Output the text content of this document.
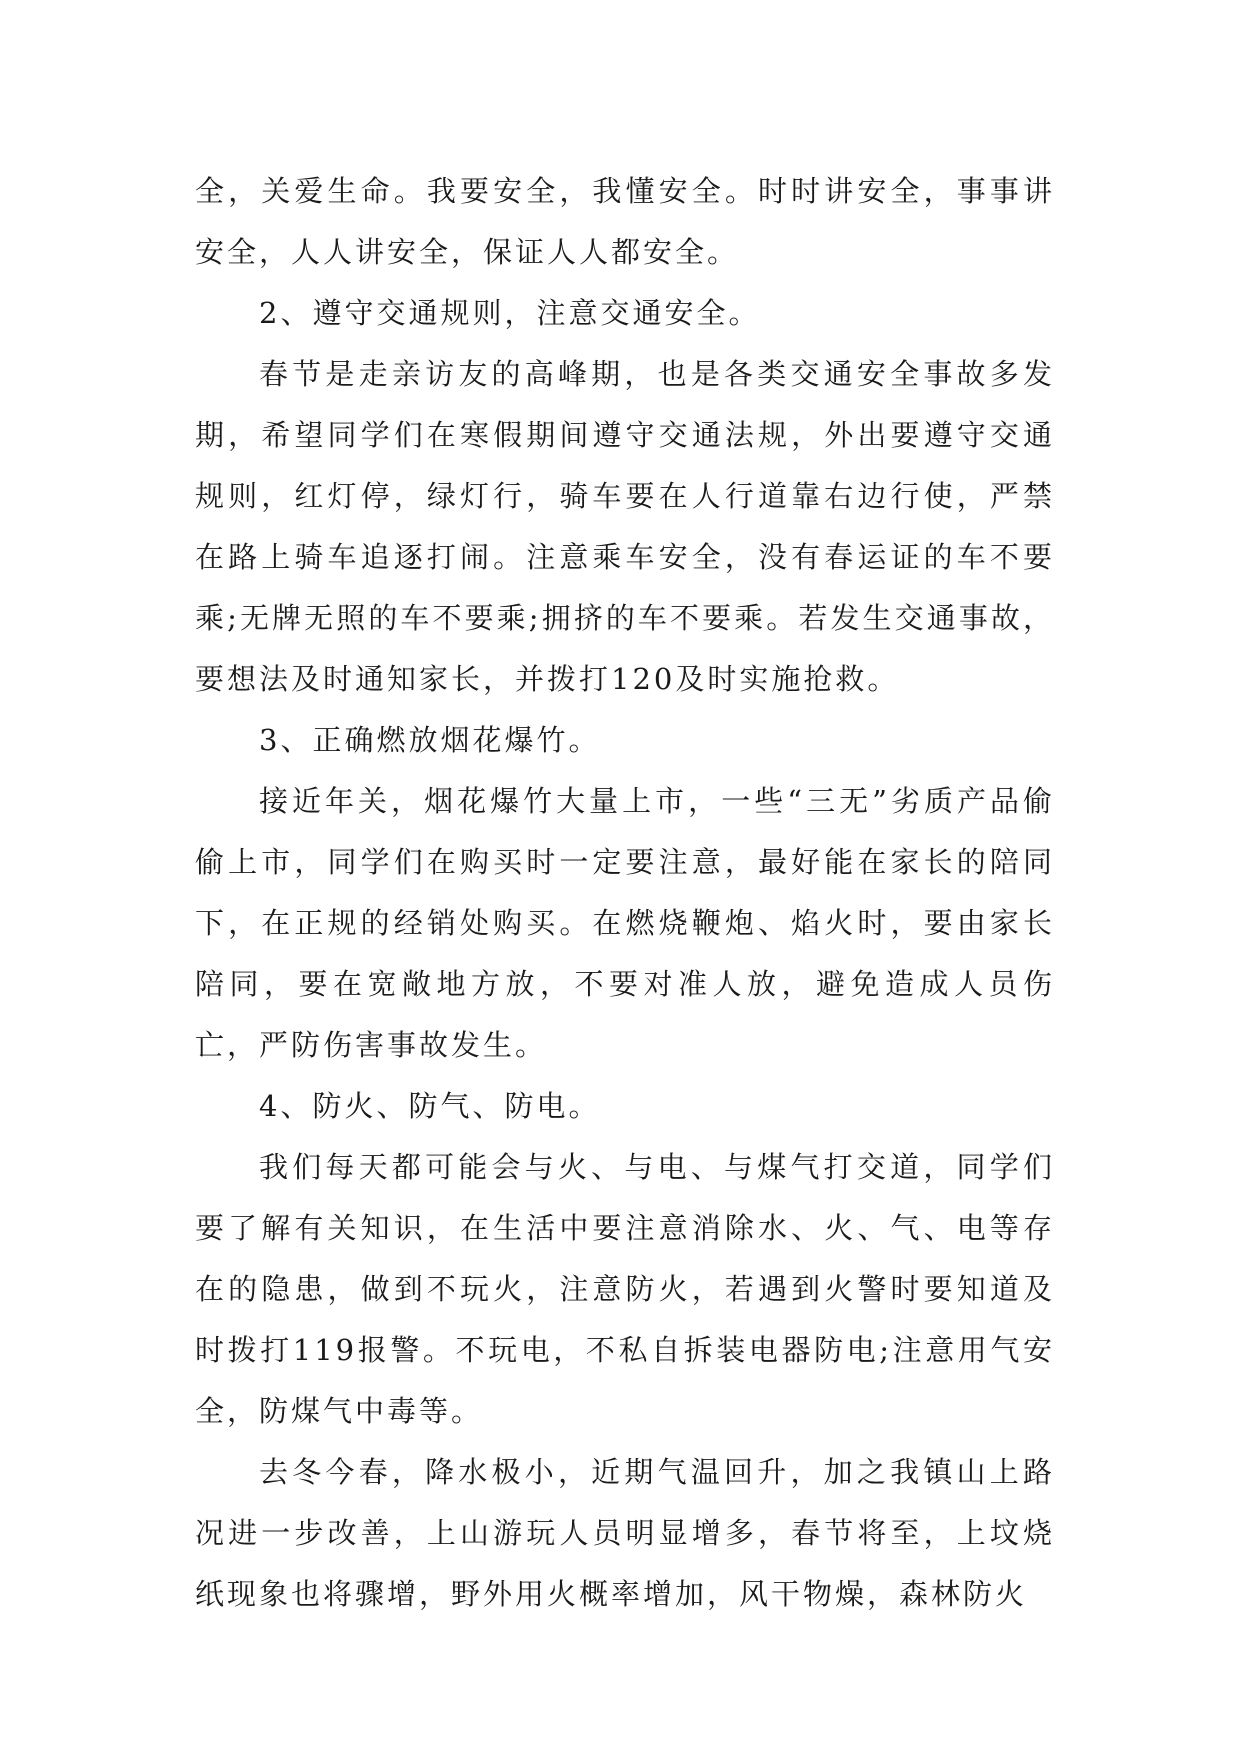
全，关爱生命。我要安全，我懂安全。时时讲安全，事事讲安全，人人讲安全，保证人人都安全。

2、遵守交通规则，注意交通安全。

春节是走亲访友的高峰期，也是各类交通安全事故多发期，希望同学们在寒假期间遵守交通法规，外出要遵守交通规则，红灯停，绿灯行，骑车要在人行道靠右边行使，严禁在路上骑车追逐打闹。注意乘车安全，没有春运证的车不要乘;无牌无照的车不要乘;拥挤的车不要乘。若发生交通事故，要想法及时通知家长，并拨打120及时实施抢救。

3、正确燃放烟花爆竹。

接近年关，烟花爆竹大量上市，一些“三无”劣质产品偷偷上市，同学们在购买时一定要注意，最好能在家长的陪同下，在正规的经销处购买。在燃烧鞭炮、焰火时，要由家长陪同，要在宽敞地方放，不要对准人放，避免造成人员伤亡，严防伤害事故发生。

4、防火、防气、防电。

我们每天都可能会与火、与电、与煤气打交道，同学们要了解有关知识，在生活中要注意消除水、火、气、电等存在的隐患，做到不玩火，注意防火，若遇到火警时要知道及时拨打119报警。不玩电，不私自拆装电器防电;注意用气安全，防煤气中毒等。

去冬今春，降水极小，近期气温回升，加之我镇山上路况进一步改善，上山游玩人员明显增多，春节将至，上坟烧纸现象也将骤增，野外用火概率增加，风干物燥，森林防火
